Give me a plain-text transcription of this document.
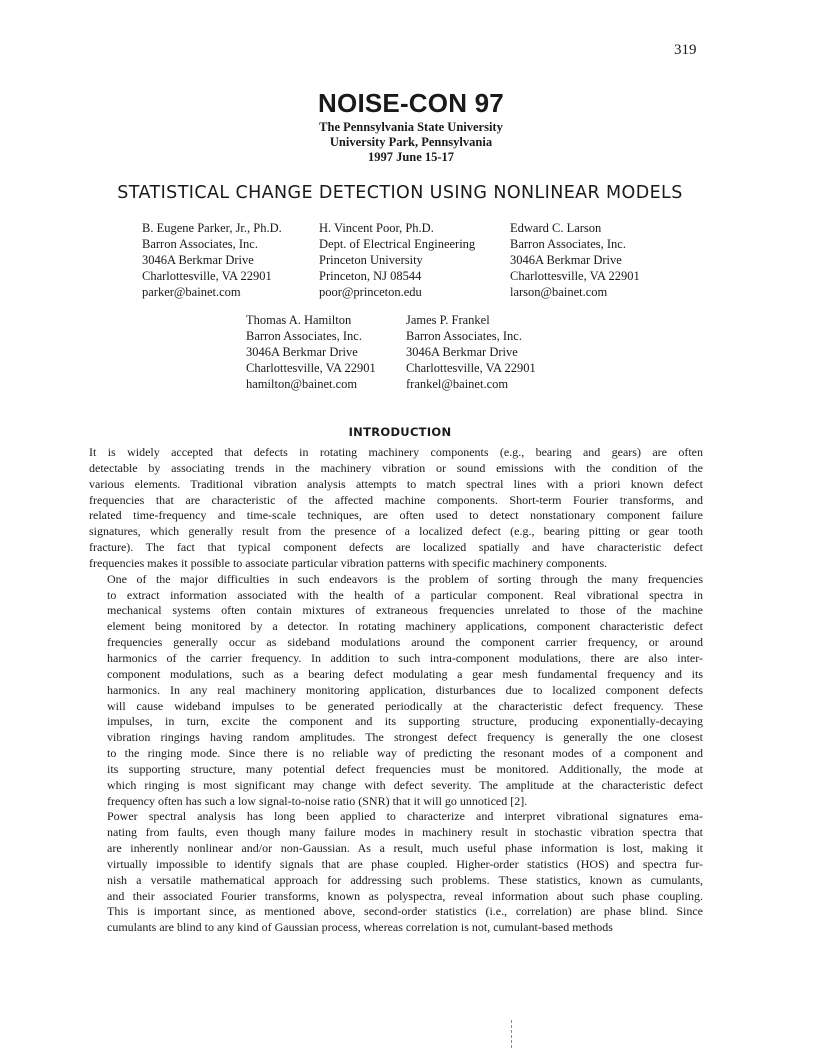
319
NOISE-CON 97
The Pennsylvania State University
University Park, Pennsylvania
1997 June 15-17
STATISTICAL CHANGE DETECTION USING NONLINEAR MODELS
B. Eugene Parker, Jr., Ph.D.
Barron Associates, Inc.
3046A Berkmar Drive
Charlottesville, VA 22901
parker@bainet.com
H. Vincent Poor, Ph.D.
Dept. of Electrical Engineering
Princeton University
Princeton, NJ 08544
poor@princeton.edu
Edward C. Larson
Barron Associates, Inc.
3046A Berkmar Drive
Charlottesville, VA 22901
larson@bainet.com
Thomas A. Hamilton
Barron Associates, Inc.
3046A Berkmar Drive
Charlottesville, VA 22901
hamilton@bainet.com
James P. Frankel
Barron Associates, Inc.
3046A Berkmar Drive
Charlottesville, VA 22901
frankel@bainet.com
INTRODUCTION

It is widely accepted that defects in rotating machinery components (e.g., bearing and gears) are often
detectable by associating trends in the machinery vibration or sound emissions with the condition of the
various elements. Traditional vibration analysis attempts to match spectral lines with a priori known defect
frequencies that are characteristic of the affected machine components. Short-term Fourier transforms, and
related time-frequency and time-scale techniques, are often used to detect nonstationary component failure
signatures, which generally result from the presence of a localized defect (e.g., bearing pitting or gear tooth
fracture). The fact that typical component defects are localized spatially and have characteristic defect
frequencies makes it possible to associate particular vibration patterns with specific machinery components.

One of the major difficulties in such endeavors is the problem of sorting through the many frequencies
to extract information associated with the health of a particular component. Real vibrational spectra in
mechanical systems often contain mixtures of extraneous frequencies unrelated to those of the machine
element being monitored by a detector. In rotating machinery applications, component characteristic defect
frequencies generally occur as sideband modulations around the component carrier frequency, or around
harmonics of the carrier frequency. In addition to such intra-component modulations, there are also inter-
component modulations, such as a bearing defect modulating a gear mesh fundamental frequency and its
harmonics. In any real machinery monitoring application, disturbances due to localized component defects
will cause wideband impulses to be generated periodically at the characteristic defect frequency. These
impulses, in turn, excite the component and its supporting structure, producing exponentially-decaying
vibration ringings having random amplitudes. The strongest defect frequency is generally the one closest
to the ringing mode. Since there is no reliable way of predicting the resonant modes of a component and
its supporting structure, many potential defect frequencies must be monitored. Additionally, the mode at
which ringing is most significant may change with defect severity. The amplitude at the characteristic defect
frequency often has such a low signal-to-noise ratio (SNR) that it will go unnoticed [2].

Power spectral analysis has long been applied to characterize and interpret vibrational signatures ema-
nating from faults, even though many failure modes in machinery result in stochastic vibration spectra that
are inherently nonlinear and/or non-Gaussian. As a result, much useful phase information is lost, making it
virtually impossible to identify signals that are phase coupled. Higher-order statistics (HOS) and spectra fur-
nish a versatile mathematical approach for addressing such problems. These statistics, known as cumulants,
and their associated Fourier transforms, known as polyspectra, reveal information about such phase coupling.
This is important since, as mentioned above, second-order statistics (i.e., correlation) are phase blind. Since
cumulants are blind to any kind of Gaussian process, whereas correlation is not, cumulant-based methods
